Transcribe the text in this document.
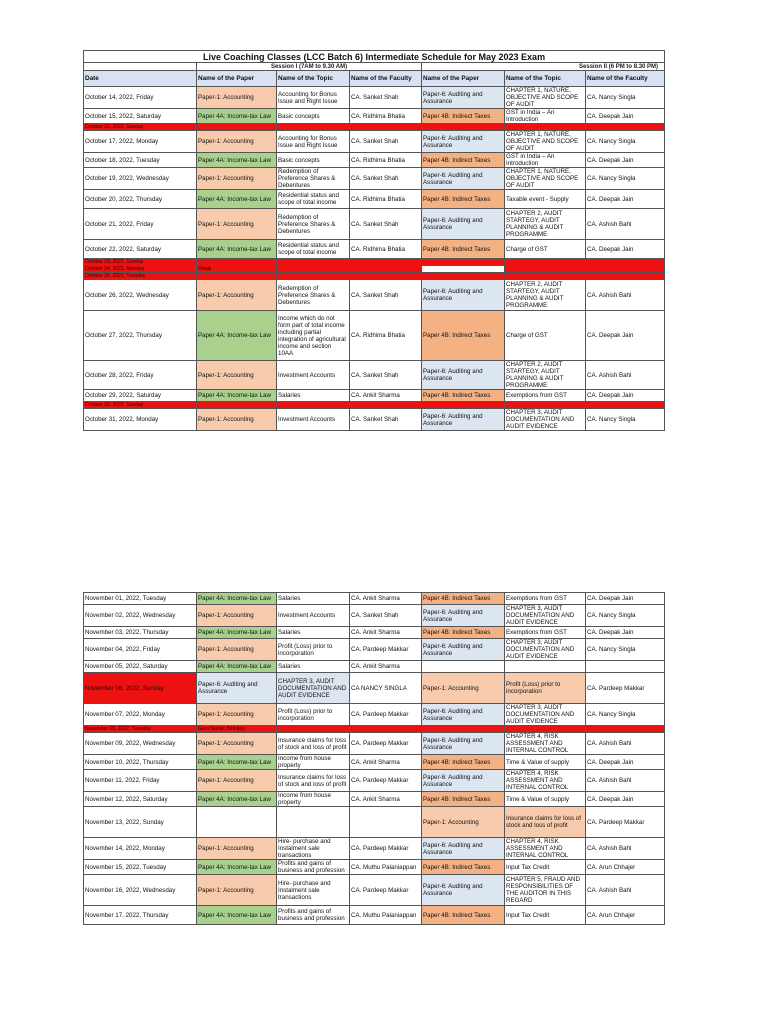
Live Coaching Classes (LCC Batch 6) Intermediate Schedule for May 2023 Exam						
	Session I (7AM to 9.30 AM)			Session II (6 PM to 8.30 PM)		
Date	Name of the Paper	Name of the Topic	Name of the Faculty	Name of the Paper	Name of the Topic	Name of the Faculty
October 14, 2022, Friday	Paper-1: Accounting	Accounting for Bonus Issue and Right Issue	CA. Sanket Shah	Paper-6: Auditing and Assurance	CHAPTER 1, NATURE, OBJECTIVE AND SCOPE OF AUDIT	CA. Nancy Singla
October 15, 2022, Saturday	Paper 4A: Income-tax Law	Basic concepts	CA. Ridhima Bhatia	Paper 4B: Indirect Taxes	GST in India – An Introduction	CA. Deepak Jain
October 16, 2022, Sunday						
October 17, 2022, Monday	Paper-1: Accounting	Accounting for Bonus Issue and Right Issue	CA. Sanket Shah	Paper-6: Auditing and Assurance	CHAPTER 1, NATURE, OBJECTIVE AND SCOPE OF AUDIT	CA. Nancy Singla
October 18, 2022, Tuesday	Paper 4A: Income-tax Law	Basic concepts	CA. Ridhima Bhatia	Paper 4B: Indirect Taxes	GST in India – An Introduction	CA. Deepak Jain
October 19, 2022, Wednesday	Paper-1: Accounting	Redemption of Preference Shares & Debentures	CA. Sanket Shah	Paper-6: Auditing and Assurance	CHAPTER 1, NATURE, OBJECTIVE AND SCOPE OF AUDIT	CA. Nancy Singla
October 20, 2022, Thursday	Paper 4A: Income-tax Law	Residential status and scope of total income	CA. Ridhima Bhatia	Paper 4B: Indirect Taxes	Taxable event - Supply	CA. Deepak Jain
October 21, 2022, Friday	Paper-1: Accounting	Redemption of Preference Shares & Debentures	CA. Sanket Shah	Paper-6: Auditing and Assurance	CHAPTER 2, AUDIT STARTEGY, AUDIT PLANNING & AUDIT PROGRAMME	CA. Ashish Bahl
October 22, 2022, Saturday	Paper 4A: Income-tax Law	Residential status and scope of total income	CA. Ridhima Bhatia	Paper 4B: Indirect Taxes	Charge of GST	CA. Deepak Jain
October 23, 2022, Sunday						
October 24, 2022, Monday	Diwali					
October 25, 2022, Tuesday						
October 26, 2022, Wednesday	Paper-1: Accounting	Redemption of Preference Shares & Debentures	CA. Sanket Shah	Paper-6: Auditing and Assurance	CHAPTER 2, AUDIT STARTEGY, AUDIT PLANNING & AUDIT PROGRAMME	CA. Ashish Bahl
October 27, 2022, Thursday	Paper 4A: Income-tax Law	Income which do not form part of total income including partial integration of agricultural income and section 10AA	CA. Ridhima Bhatia	Paper 4B: Indirect Taxes	Charge of GST	CA. Deepak Jain
October 28, 2022, Friday	Paper-1: Accounting	Investment Accounts	CA. Sanket Shah	Paper-6: Auditing and Assurance	CHAPTER 2, AUDIT STARTEGY, AUDIT PLANNING & AUDIT PROGRAMME	CA. Ashish Bahl
October 29, 2022, Saturday	Paper 4A: Income-tax Law	Salaries	CA. Ankit Sharma	Paper 4B: Indirect Taxes	Exemptions from GST	CA. Deepak Jain
October 30, 2022, Sunday						
October 31, 2022, Monday	Paper-1: Accounting	Investment Accounts	CA. Sanket Shah	Paper-6: Auditing and Assurance	CHAPTER 3, AUDIT DOCUMENTATION AND AUDIT EVIDENCE	CA. Nancy Singla
November 01, 2022, Tuesday	Paper 4A: Income-tax Law	Salaries	CA. Ankit Sharma	Paper 4B: Indirect Taxes	Exemptions from GST	CA. Deepak Jain
November 02, 2022, Wednesday	Paper-1: Accounting	Investment Accounts	CA. Sanket Shah	Paper-6: Auditing and Assurance	CHAPTER 3, AUDIT DOCUMENTATION AND AUDIT EVIDENCE	CA. Nancy Singla
November 03, 2022, Thursday	Paper 4A: Income-tax Law	Salaries	CA. Ankit Sharma	Paper 4B: Indirect Taxes	Exemptions from GST	CA. Deepak Jain
November 04, 2022, Friday	Paper-1: Accounting	Profit (Loss) prior to incorporation	CA. Pardeep Makkar	Paper-6: Auditing and Assurance	CHAPTER 3, AUDIT DOCUMENTATION AND AUDIT EVIDENCE	CA. Nancy Singla
November 05, 2022, Saturday	Paper 4A: Income-tax Law	Salaries	CA. Ankit Sharma			
November 06, 2022, Sunday	Paper-6: Auditing and Assurance	CHAPTER 3, AUDIT DOCUMENTATION AND AUDIT EVIDENCE	CA NANCY SINGLA	Paper-1: Accounting	Profit (Loss) prior to incorporation	CA. Pardeep Makkar
November 07, 2022, Monday	Paper-1: Accounting	Profit (Loss) prior to incorporation	CA. Pardeep Makkar	Paper-6: Auditing and Assurance	CHAPTER 3, AUDIT DOCUMENTATION AND AUDIT EVIDENCE	CA. Nancy Singla
November 08, 2022, Tuesday	Guru Nanak Birthday					
November 09, 2022, Wednesday	Paper-1: Accounting	Insurance claims for loss of stock and loss of profit	CA. Pardeep Makkar	Paper-6: Auditing and Assurance	CHAPTER 4, RISK ASSESSMENT AND INTERNAL CONTROL	CA. Ashish Bahl
November 10, 2022, Thursday	Paper 4A: Income-tax Law	Income from house property	CA. Ankit Sharma	Paper 4B: Indirect Taxes	Time & Value of supply	CA. Deepak Jain
November 11, 2022, Friday	Paper-1: Accounting	Insurance claims for loss of stock and loss of profit	CA. Pardeep Makkar	Paper-6: Auditing and Assurance	CHAPTER 4, RISK ASSESSMENT AND INTERNAL CONTROL	CA. Ashish Bahl
November 12, 2022, Saturday	Paper 4A: Income-tax Law	Income from house property	CA. Ankit Sharma	Paper 4B: Indirect Taxes	Time & Value of supply	CA. Deepak Jain
November 13, 2022, Sunday				Paper-1: Accounting	Insurance claims for loss of stock and loss of profit	CA. Pardeep Makkar
November 14, 2022, Monday	Paper-1: Accounting	Hire- purchase and Instalment sale transactions	CA. Pardeep Makkar	Paper-6: Auditing and Assurance	CHAPTER 4, RISK ASSESSMENT AND INTERNAL CONTROL	CA. Ashish Bahl
November 15, 2022, Tuesday	Paper 4A: Income-tax Law	Profits and gains of business and profession	CA. Muthu Palaniappan	Paper 4B: Indirect Taxes	Input Tax Credit	CA. Arun Chhajer
November 16, 2022, Wednesday	Paper-1: Accounting	Hire- purchase and Instalment sale transactions	CA. Pardeep Makkar	Paper-6: Auditing and Assurance	CHAPTER 5, FRAUD AND RESPONSIBILITIES OF THE AUDITOR IN THIS REGARD	CA. Ashish Bahl
November 17, 2022, Thursday	Paper 4A: Income-tax Law	Profits and gains of business and profession	CA. Muthu Palaniappan	Paper 4B: Indirect Taxes	Input Tax Credit	CA. Arun Chhajer
